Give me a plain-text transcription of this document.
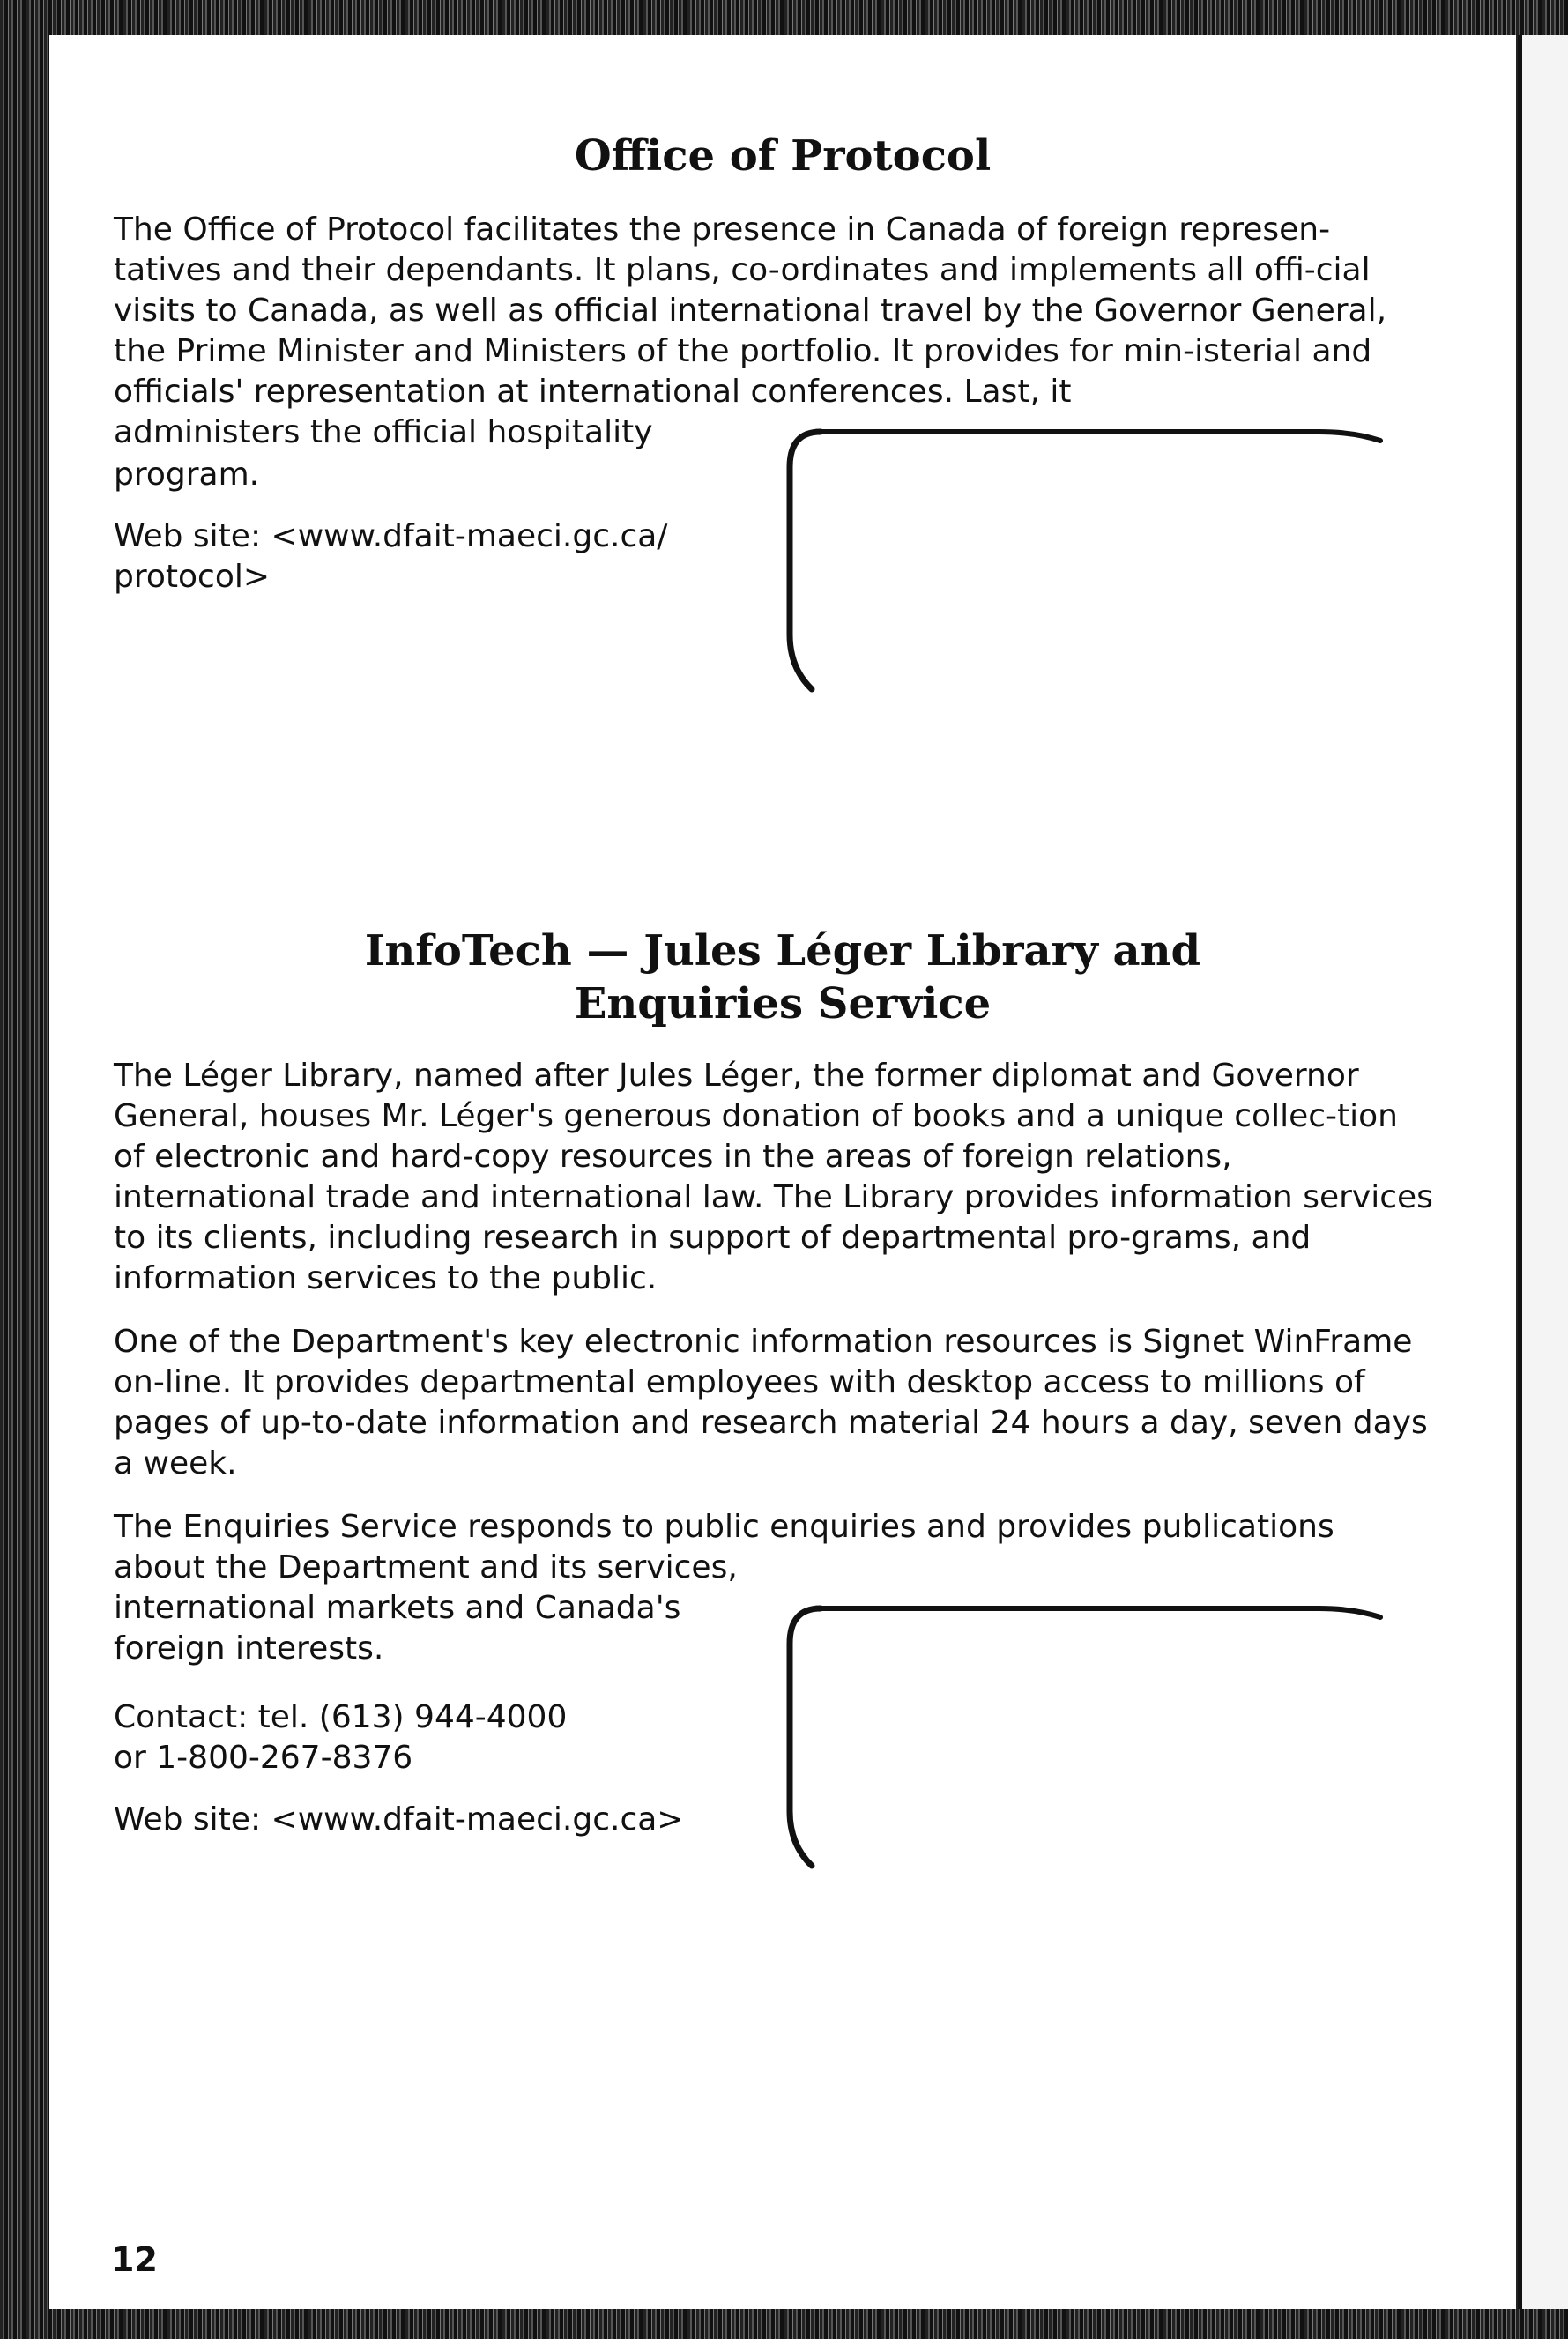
Office of Protocol

The Office of Protocol facilitates the presence in Canada of foreign represen-tatives and their dependants. It plans, co-ordinates and implements all offi-cial visits to Canada, as well as official international travel by the Governor General, the Prime Minister and Ministers of the portfolio. It provides for min-isterial and officials' representation at international conferences. Last, it

administers the official hospitality

program.

Web site: <www.dfait-maeci.gc.ca/

protocol>

InfoTech — Jules Léger Library and
Enquiries Service

The Léger Library, named after Jules Léger, the former diplomat and Governor General, houses Mr. Léger's generous donation of books and a unique collec-tion of electronic and hard-copy resources in the areas of foreign relations, international trade and international law. The Library provides information services to its clients, including research in support of departmental pro-grams, and information services to the public.

One of the Department's key electronic information resources is Signet WinFrame on-line. It provides departmental employees with desktop access to millions of pages of up-to-date information and research material 24 hours a day, seven days a week.

The Enquiries Service responds to public enquiries and provides publications

about the Department and its services,

international markets and Canada's

foreign interests.

Contact: tel. (613) 944-4000

or 1-800-267-8376

Web site: <www.dfait-maeci.gc.ca>

12
